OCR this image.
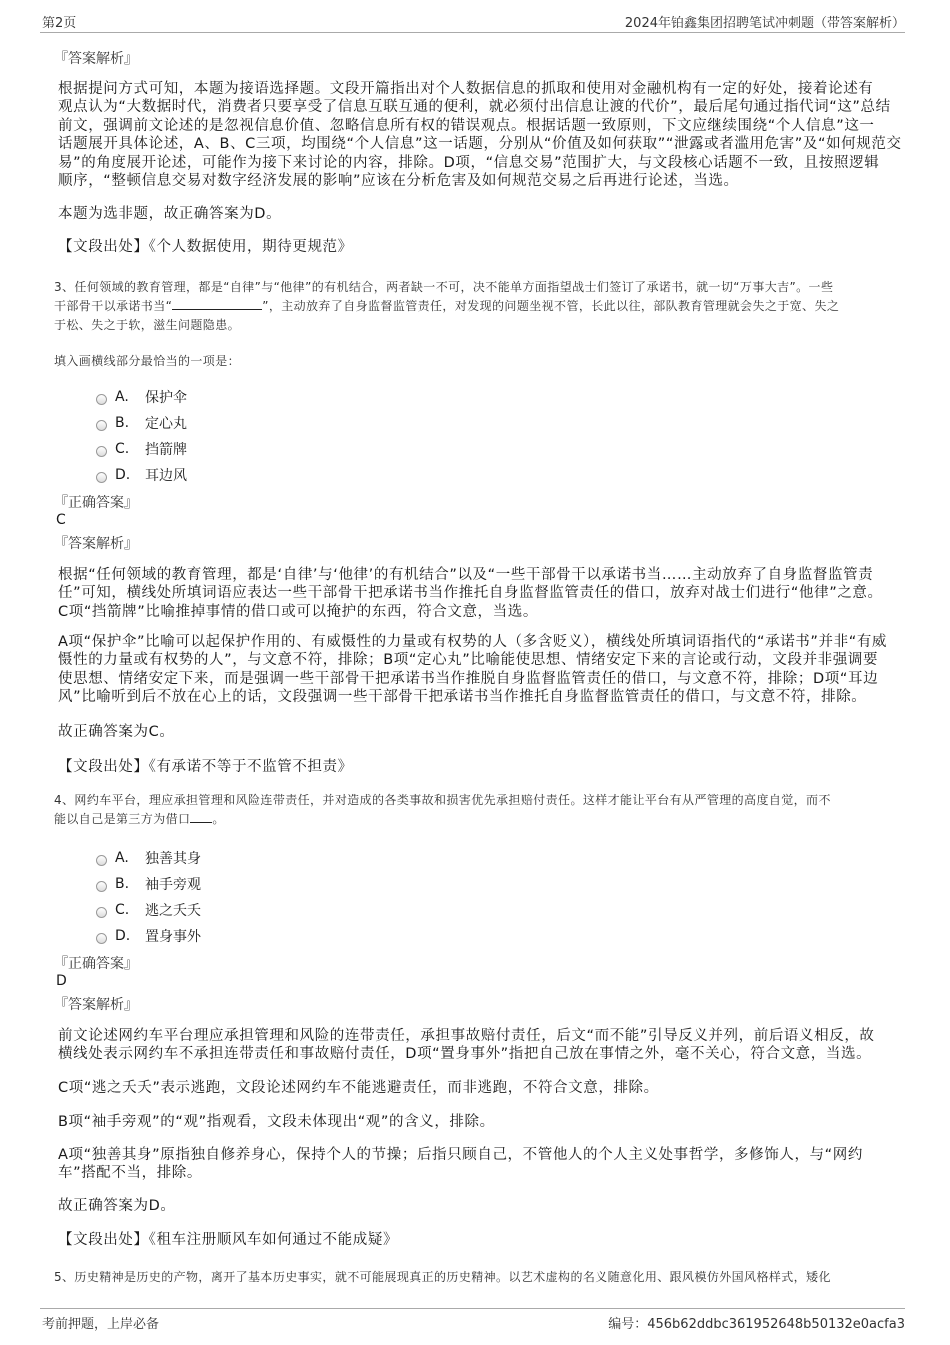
第2页	2024年铂鑫集团招聘笔试冲刺题（带答案解析）
『答案解析』
根据提问方式可知，本题为接语选择题。文段开篇指出对个人数据信息的抓取和使用对金融机构有一定的好处，接着论述有
观点认为“大数据时代，消费者只要享受了信息互联互通的便利，就必须付出信息让渡的代价”，最后尾句通过指代词“这”总结
前文，强调前文论述的是忽视信息价值、忽略信息所有权的错误观点。根据话题一致原则，下文应继续围绕“个人信息”这一
话题展开具体论述，A、B、C三项，均围绕“个人信息”这一话题，分别从“价值及如何获取”“泄露或者滥用危害”及“如何规范交
易”的角度展开论述，可能作为接下来讨论的内容，排除。D项，“信息交易”范围扩大，与文段核心话题不一致，且按照逻辑
顺序，“整顿信息交易对数字经济发展的影响”应该在分析危害及如何规范交易之后再进行论述，当选。
本题为选非题，故正确答案为D。
【文段出处】《个人数据使用，期待更规范》
3、任何领域的教育管理，都是“自律”与“他律”的有机结合，两者缺一不可，决不能单方面指望战士们签订了承诺书，就一切“万事大吉”。一些
干部骨干以承诺书当“	”，主动放弃了自身监督监管责任，对发现的问题坐视不管，长此以往，部队教育管理就会失之于宽、失之
于松、失之于软，滋生问题隐患。
填入画横线部分最恰当的一项是：
A.	保护伞
B.	定心丸
C.	挡箭牌
D.	耳边风
『正确答案』
C
『答案解析』
根据“任何领域的教育管理，都是‘自律’与‘他律’的有机结合”以及“一些干部骨干以承诺书当……主动放弃了自身监督监管责
任”可知，横线处所填词语应表达一些干部骨干把承诺书当作推托自身监督监管责任的借口，放弃对战士们进行“他律”之意。
C项“挡箭牌”比喻推掉事情的借口或可以掩护的东西，符合文意，当选。
A项“保护伞”比喻可以起保护作用的、有威慑性的力量或有权势的人（多含贬义），横线处所填词语指代的“承诺书”并非“有威
慑性的力量或有权势的人”，与文意不符，排除；B项“定心丸”比喻能使思想、情绪安定下来的言论或行动，文段并非强调要
使思想、情绪安定下来，而是强调一些干部骨干把承诺书当作推脱自身监督监管责任的借口，与文意不符，排除；D项“耳边
风”比喻听到后不放在心上的话，文段强调一些干部骨干把承诺书当作推托自身监督监管责任的借口，与文意不符，排除。
故正确答案为C。
【文段出处】《有承诺不等于不监管不担责》
4、网约车平台，理应承担管理和风险连带责任，并对造成的各类事故和损害优先承担赔付责任。这样才能让平台有从严管理的高度自觉，而不
能以自己是第三方为借口 。
A.	独善其身
B.	袖手旁观
C.	逃之夭夭
D.	置身事外
『正确答案』
D
『答案解析』
前文论述网约车平台理应承担管理和风险的连带责任，承担事故赔付责任，后文“而不能”引导反义并列，前后语义相反，故
横线处表示网约车不承担连带责任和事故赔付责任，D项“置身事外”指把自己放在事情之外，毫不关心，符合文意，当选。
C项“逃之夭夭”表示逃跑，文段论述网约车不能逃避责任，而非逃跑，不符合文意，排除。
B项“袖手旁观”的“观”指观看，文段未体现出“观”的含义，排除。
A项“独善其身”原指独自修养身心，保持个人的节操；后指只顾自己，不管他人的个人主义处事哲学，多修饰人，与“网约
车”搭配不当，排除。
故正确答案为D。
【文段出处】《租车注册顺风车如何通过不能成疑》
5、历史精神是历史的产物，离开了基本历史事实，就不可能展现真正的历史精神。以艺术虚构的名义随意化用、跟风模仿外国风格样式，矮化
考前押题，上岸必备	编号：456b62ddbc361952648b50132e0acfa3
